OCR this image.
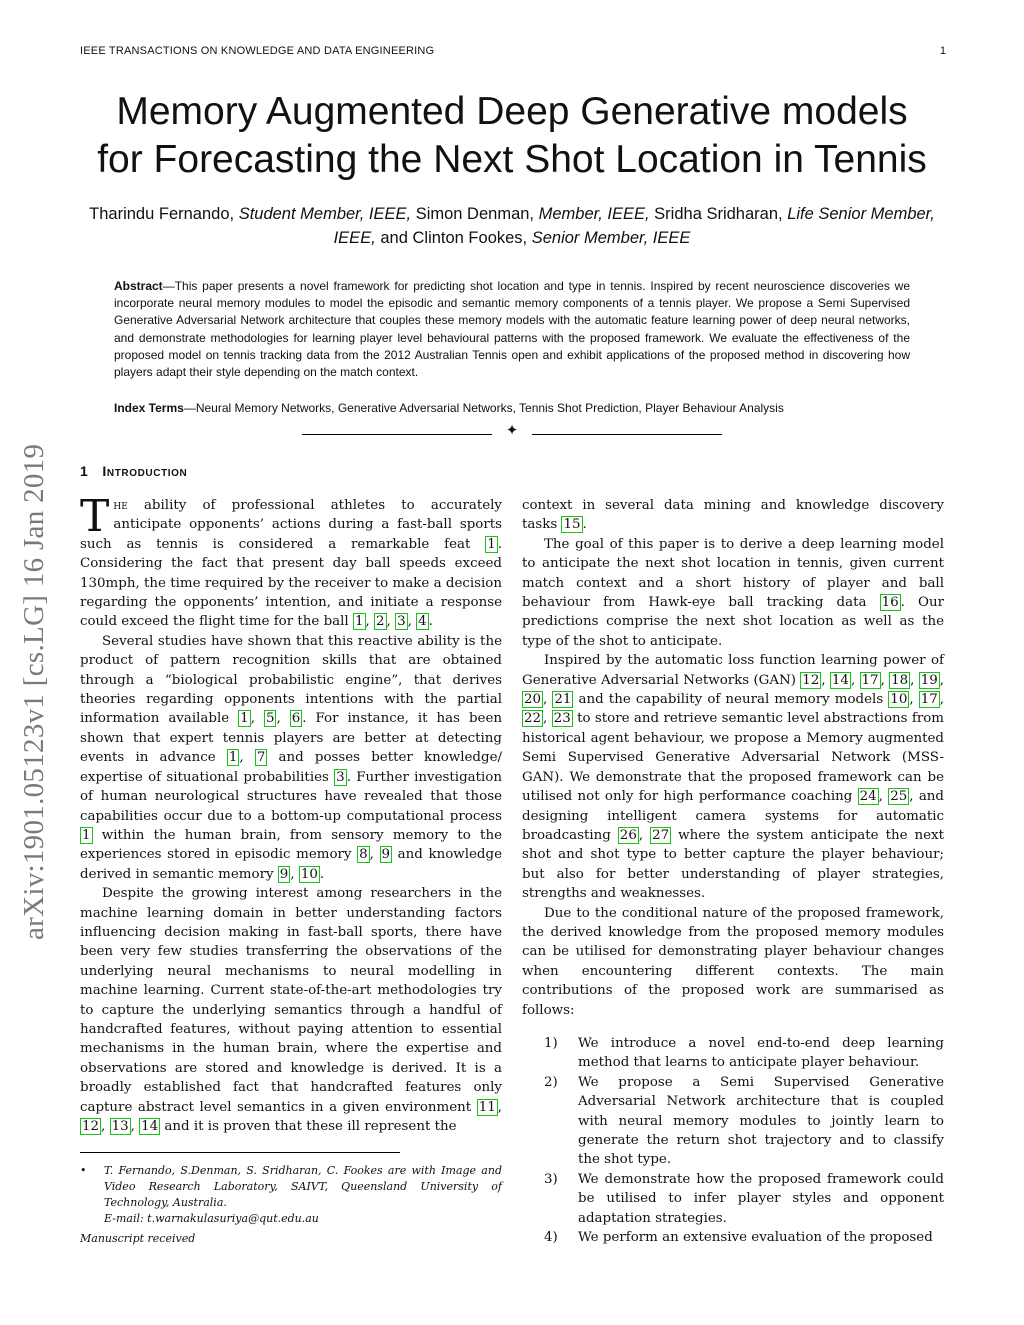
IEEE TRANSACTIONS ON KNOWLEDGE AND DATA ENGINEERING	1
Memory Augmented Deep Generative models
for Forecasting the Next Shot Location in Tennis
Tharindu Fernando, Student Member, IEEE, Simon Denman, Member, IEEE, Sridha Sridharan, Life Senior Member, IEEE, and Clinton Fookes, Senior Member, IEEE
Abstract—This paper presents a novel framework for predicting shot location and type in tennis. Inspired by recent neuroscience discoveries we incorporate neural memory modules to model the episodic and semantic memory components of a tennis player. We propose a Semi Supervised Generative Adversarial Network architecture that couples these memory models with the automatic feature learning power of deep neural networks, and demonstrate methodologies for learning player level behavioural patterns with the proposed framework. We evaluate the effectiveness of the proposed model on tennis tracking data from the 2012 Australian Tennis open and exhibit applications of the proposed method in discovering how players adapt their style depending on the match context.
Index Terms—Neural Memory Networks, Generative Adversarial Networks, Tennis Shot Prediction, Player Behaviour Analysis
✦
arXiv:1901.05123v1 [cs.LG] 16 Jan 2019 1 Introduction

The ability of professional athletes to accurately anticipate opponents’ actions during a fast-ball sports such as tennis is considered a remarkable feat 1 . Considering the fact that present day ball speeds exceed 130mph, the time required by the receiver to make a decision regarding the opponents’ intention, and initiate a response could exceed the flight time for the ball 1 , 2 , 3 , 4 .

Several studies have shown that this reactive ability is the product of pattern recognition skills that are obtained through a “biological probabilistic engine”, that derives theories regarding opponents intentions with the partial information available 1 , 5 , 6 . For instance, it has been shown that expert tennis players are better at detecting events in advance 1 , 7 and posses better knowledge/ expertise of situational probabilities 3 . Further investigation of human neurological structures have revealed that those capabilities occur due to a bottom-up computational process 1 within the human brain, from sensory memory to the experiences stored in episodic memory 8 , 9 and knowledge derived in semantic memory 9 , 10 .

Despite the growing interest among researchers in the machine learning domain in better understanding factors influencing decision making in fast-ball sports, there have been very few studies transferring the observations of the underlying neural mechanisms to neural modelling in machine learning. Current state-of-the-art methodologies try to capture the underlying semantics through a handful of handcrafted features, without paying attention to essential mechanisms in the human brain, where the expertise and observations are stored and knowledge is derived. It is a broadly established fact that handcrafted features only capture abstract level semantics in a given environment 11 , 12 , 13 , 14 and it is proven that these ill represent the

context in several data mining and knowledge discovery tasks 15 .

The goal of this paper is to derive a deep learning model to anticipate the next shot location in tennis, given current match context and a short history of player and ball behaviour from Hawk-eye ball tracking data 16 . Our predictions comprise the next shot location as well as the type of the shot to anticipate.

Inspired by the automatic loss function learning power of Generative Adversarial Networks (GAN) 12 , 14 , 17 , 18 , 19 , 20 , 21 and the capability of neural memory models 10 , 17 , 22 , 23 to store and retrieve semantic level abstractions from historical agent behaviour, we propose a Memory augmented Semi Supervised Generative Adversarial Network (MSS-GAN). We demonstrate that the proposed framework can be utilised not only for high performance coaching 24 , 25 , and designing intelligent camera systems for automatic broadcasting 26 , 27 where the system anticipate the next shot and shot type to better capture the player behaviour; but also for better understanding of player strategies, strengths and weaknesses.

Due to the conditional nature of the proposed framework, the derived knowledge from the proposed memory modules can be utilised for demonstrating player behaviour changes when encountering different contexts. The main contributions of the proposed work are summarised as follows:

1) We introduce a novel end-to-end deep learning method that learns to anticipate player behaviour.
2) We propose a Semi Supervised Generative Adversarial Network architecture that is coupled with neural memory modules to jointly learn to generate the return shot trajectory and to classify the shot type.
3) We demonstrate how the proposed framework could be utilised to infer player styles and opponent adaptation strategies.
4) We perform an extensive evaluation of the proposed
• T. Fernando, S.Denman, S. Sridharan, C. Fookes are with Image and Video Research Laboratory, SAIVT, Queensland University of Technology, Australia.
E-mail: t.warnakulasuriya@qut.edu.au
Manuscript received
